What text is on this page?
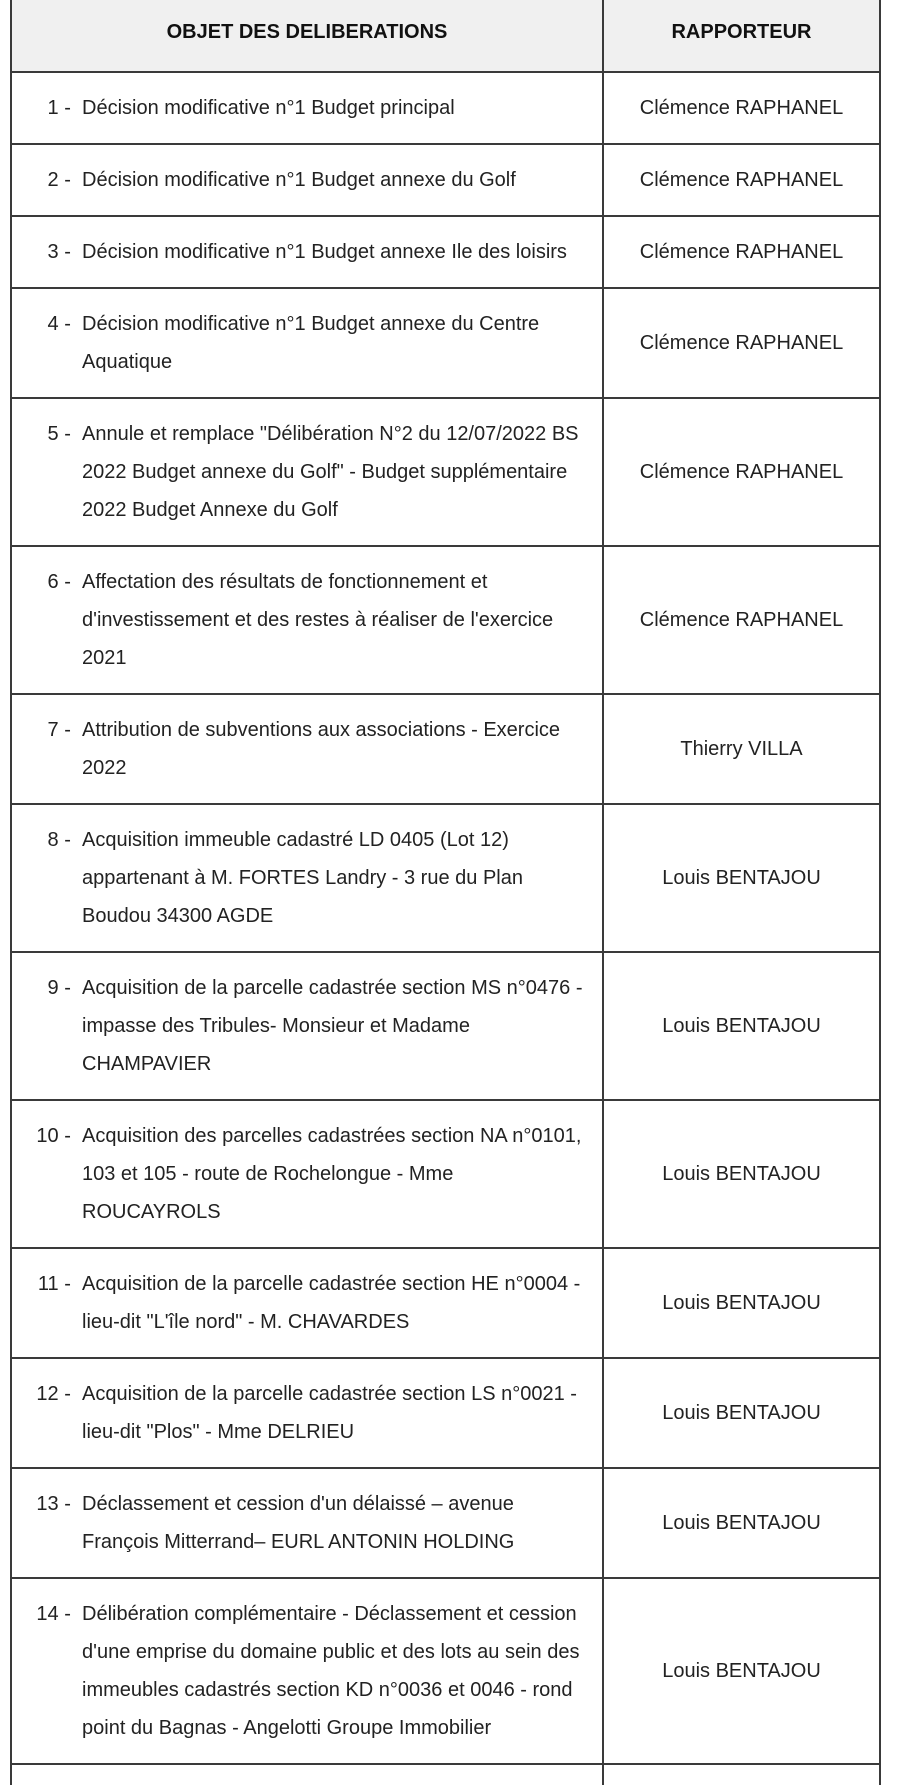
OBJET DES DELIBERATIONS	RAPPORTEUR
1 - Décision modificative n°1 Budget principal	Clémence RAPHANEL
2 - Décision modificative n°1 Budget annexe du Golf	Clémence RAPHANEL
3 - Décision modificative n°1 Budget annexe Ile des loisirs	Clémence RAPHANEL
4 - Décision modificative n°1 Budget annexe du Centre Aquatique
Clémence RAPHANEL
5 - Annule et remplace "Délibération N°2 du 12/07/2022 BS 2022 Budget annexe du Golf" - Budget supplémentaire 2022 Budget Annexe du Golf
Clémence RAPHANEL
6 - Affectation des résultats de fonctionnement et d'investissement et des restes à réaliser de l'exercice 2021
Clémence RAPHANEL
7 - Attribution de subventions aux associations - Exercice 2022
Thierry VILLA
8 - Acquisition immeuble cadastré LD 0405 (Lot 12) appartenant à M. FORTES Landry - 3 rue du Plan Boudou 34300 AGDE
Louis BENTAJOU
9 - Acquisition de la parcelle cadastrée section MS n°0476 - impasse des Tribules- Monsieur et Madame CHAMPAVIER
Louis BENTAJOU
10 - Acquisition des parcelles cadastrées section NA n°0101, 103 et 105 - route de Rochelongue - Mme ROUCAYROLS
Louis BENTAJOU
11 - Acquisition de la parcelle cadastrée section HE n°0004 - lieu-dit "L'île nord" - M. CHAVARDES
Louis BENTAJOU
12 - Acquisition de la parcelle cadastrée section LS n°0021 - lieu-dit "Plos" - Mme DELRIEU
Louis BENTAJOU
13 - Déclassement et cession d'un délaissé – avenue François Mitterrand– EURL ANTONIN HOLDING
Louis BENTAJOU
14 - Délibération complémentaire - Déclassement et cession d'une emprise du domaine public et des lots au sein des immeubles cadastrés section KD n°0036 et 0046 - rond point du Bagnas - Angelotti Groupe Immobilier
Louis BENTAJOU
